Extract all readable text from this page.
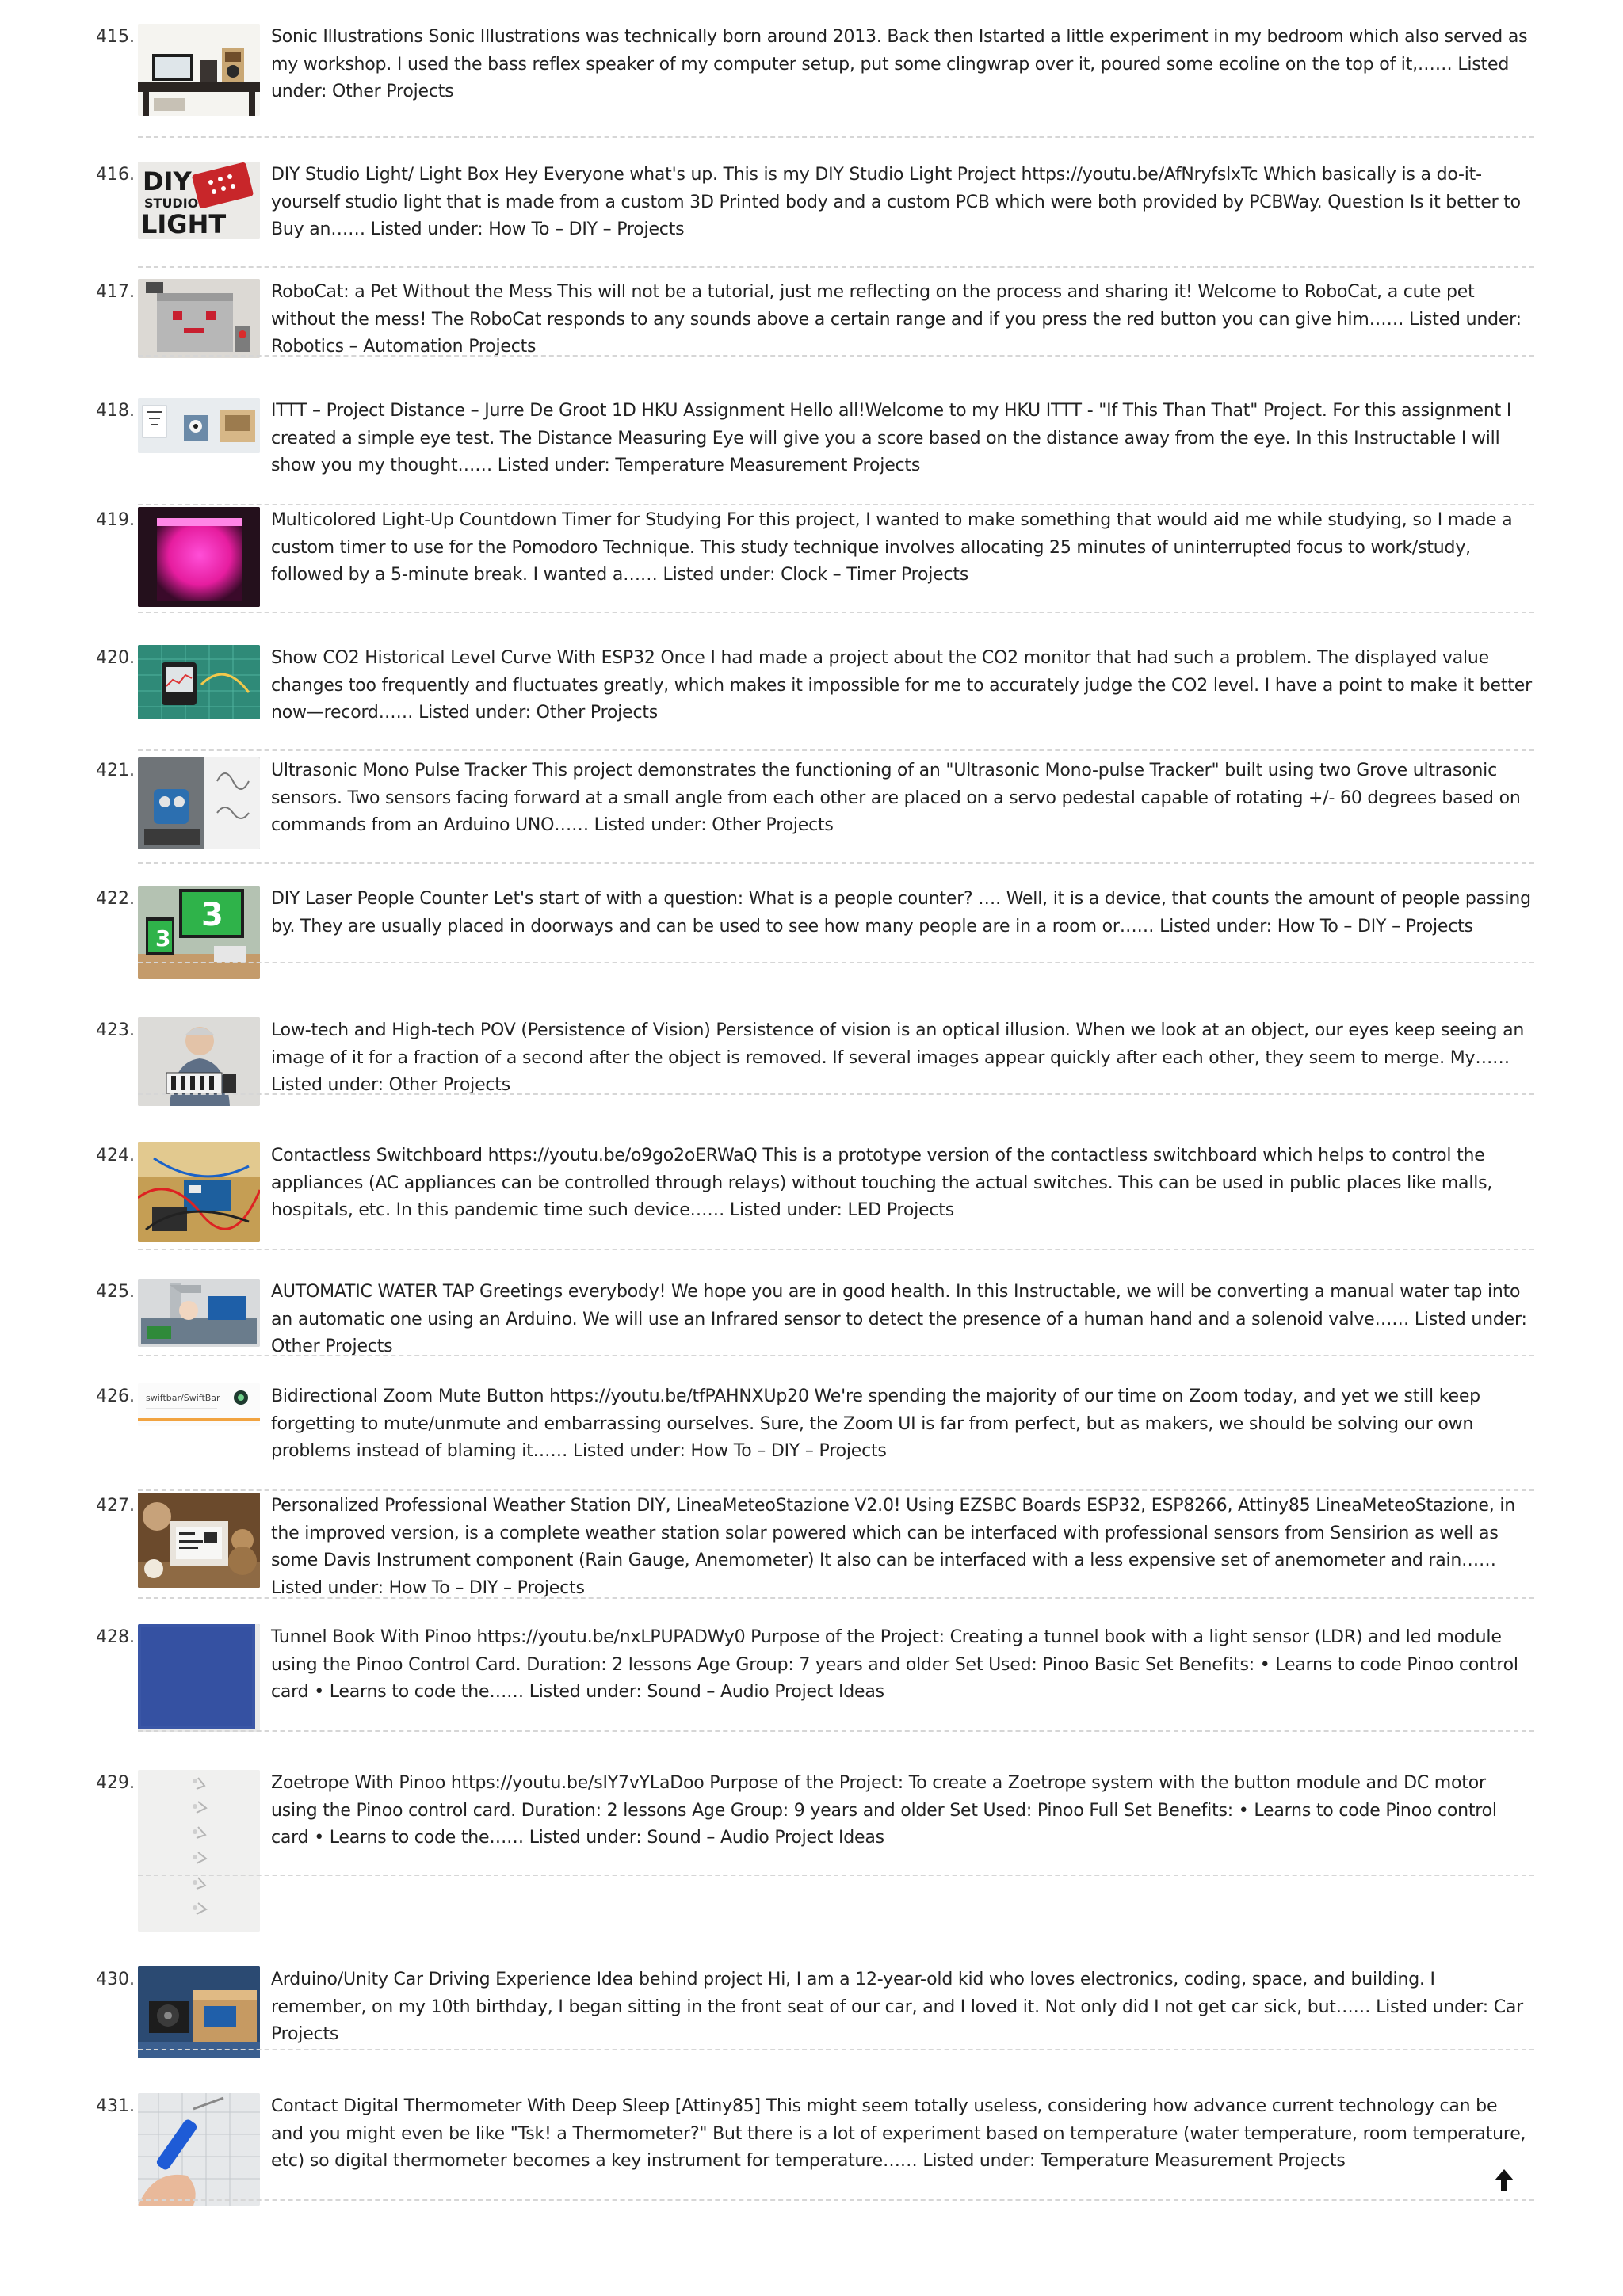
415.	Sonic Illustrations Sonic Illustrations was technically born around 2013. Back then Istarted a little experiment in my bedroom which also served as my workshop. I used the bass reflex speaker of my computer setup, put some clingwrap over it, poured some ecoline on the top of it,…… Listed under: Other Projects
416. DIY
STUDIO
LIGHT
DIY Studio Light/ Light Box Hey Everyone what's up. This is my DIY Studio Light Project https://youtu.be/AfNryfslxTc Which basically is a do-it-yourself studio light that is made from a custom 3D Printed body and a custom PCB which were both provided by PCBWay. Question Is it better to Buy an…… Listed under: How To – DIY – Projects
417.	RoboCat: a Pet Without the Mess This will not be a tutorial, just me reflecting on the process and sharing it! Welcome to RoboCat, a cute pet without the mess! The RoboCat responds to any sounds above a certain range and if you press the red button you can give him…… Listed under: Robotics – Automation Projects
418.	ITTT – Project Distance – Jurre De Groot 1D HKU Assignment Hello all!Welcome to my HKU ITTT - "If This Than That" Project. For this assignment I created a simple eye test. The Distance Measuring Eye will give you a score based on the distance away from the eye. In this Instructable I will show you my thought…… Listed under: Temperature Measurement Projects
419.	Multicolored Light-Up Countdown Timer for Studying For this project, I wanted to make something that would aid me while studying, so I made a custom timer to use for the Pomodoro Technique. This study technique involves allocating 25 minutes of uninterrupted focus to work/study, followed by a 5-minute break. I wanted a…… Listed under: Clock – Timer Projects
420.	Show CO2 Historical Level Curve With ESP32 Once I had made a project about the CO2 monitor that had such a problem. The displayed value changes too frequently and fluctuates greatly, which makes it impossible for me to accurately judge the CO2 level. I have a point to make it better now—record…… Listed under: Other Projects
421.	Ultrasonic Mono Pulse Tracker This project demonstrates the functioning of an "Ultrasonic Mono-pulse Tracker" built using two Grove ultrasonic sensors. Two sensors facing forward at a small angle from each other are placed on a servo pedestal capable of rotating +/- 60 degrees based on commands from an Arduino UNO…… Listed under: Other Projects
422. 3
3
DIY Laser People Counter Let's start of with a question: What is a people counter? …. Well, it is a device, that counts the amount of people passing by. They are usually placed in doorways and can be used to see how many people are in a room or…… Listed under: How To – DIY – Projects
423.	Low-tech and High-tech POV (Persistence of Vision) Persistence of vision is an optical illusion. When we look at an object, our eyes keep seeing an image of it for a fraction of a second after the object is removed. If several images appear quickly after each other, they seem to merge. My…… Listed under: Other Projects
424.	Contactless Switchboard https://youtu.be/o9go2oERWaQ This is a prototype version of the contactless switchboard which helps to control the appliances (AC appliances can be controlled through relays) without touching the actual switches. This can be used in public places like malls, hospitals, etc. In this pandemic time such device…… Listed under: LED Projects
425.	AUTOMATIC WATER TAP Greetings everybody! We hope you are in good health. In this Instructable, we will be converting a manual water tap into an automatic one using an Arduino. We will use an Infrared sensor to detect the presence of a human hand and a solenoid valve…… Listed under: Other Projects
426. swiftbar/SwiftBar	Bidirectional Zoom Mute Button https://youtu.be/tfPAHNXUp20 We're spending the majority of our time on Zoom today, and yet we still keep forgetting to mute/unmute and embarrassing ourselves. Sure, the Zoom UI is far from perfect, but as makers, we should be solving our own problems instead of blaming it…… Listed under: How To – DIY – Projects
427.	Personalized Professional Weather Station DIY, LineaMeteoStazione V2.0! Using EZSBC Boards ESP32, ESP8266, Attiny85 LineaMeteoStazione, in the improved version, is a complete weather station solar powered which can be interfaced with professional sensors from Sensirion as well as some Davis Instrument component (Rain Gauge, Anemometer) It also can be interfaced with a less expensive set of anemometer and rain…… Listed under: How To – DIY – Projects
428.	Tunnel Book With Pinoo https://youtu.be/nxLPUPADWy0 Purpose of the Project: Creating a tunnel book with a light sensor (LDR) and led module using the Pinoo Control Card. Duration: 2 lessons Age Group: 7 years and older Set Used: Pinoo Basic Set Benefits: • Learns to code Pinoo control card • Learns to code the…… Listed under: Sound – Audio Project Ideas
429.	Zoetrope With Pinoo https://youtu.be/sIY7vYLaDoo Purpose of the Project: To create a Zoetrope system with the button module and DC motor using the Pinoo control card. Duration: 2 lessons Age Group: 9 years and older Set Used: Pinoo Full Set Benefits: • Learns to code Pinoo control card • Learns to code the…… Listed under: Sound – Audio Project Ideas
430.	Arduino/Unity Car Driving Experience Idea behind project Hi, I am a 12-year-old kid who loves electronics, coding, space, and building. I remember, on my 10th birthday, I began sitting in the front seat of our car, and I loved it. Not only did I not get car sick, but…… Listed under: Car Projects
431.	Contact Digital Thermometer With Deep Sleep [Attiny85] This might seem totally useless, considering how advance current technology can be and you might even be like "Tsk! a Thermometer?" But there is a lot of experiment based on temperature (water temperature, room temperature, etc) so digital thermometer becomes a key instrument for temperature…… Listed under: Temperature Measurement Projects
